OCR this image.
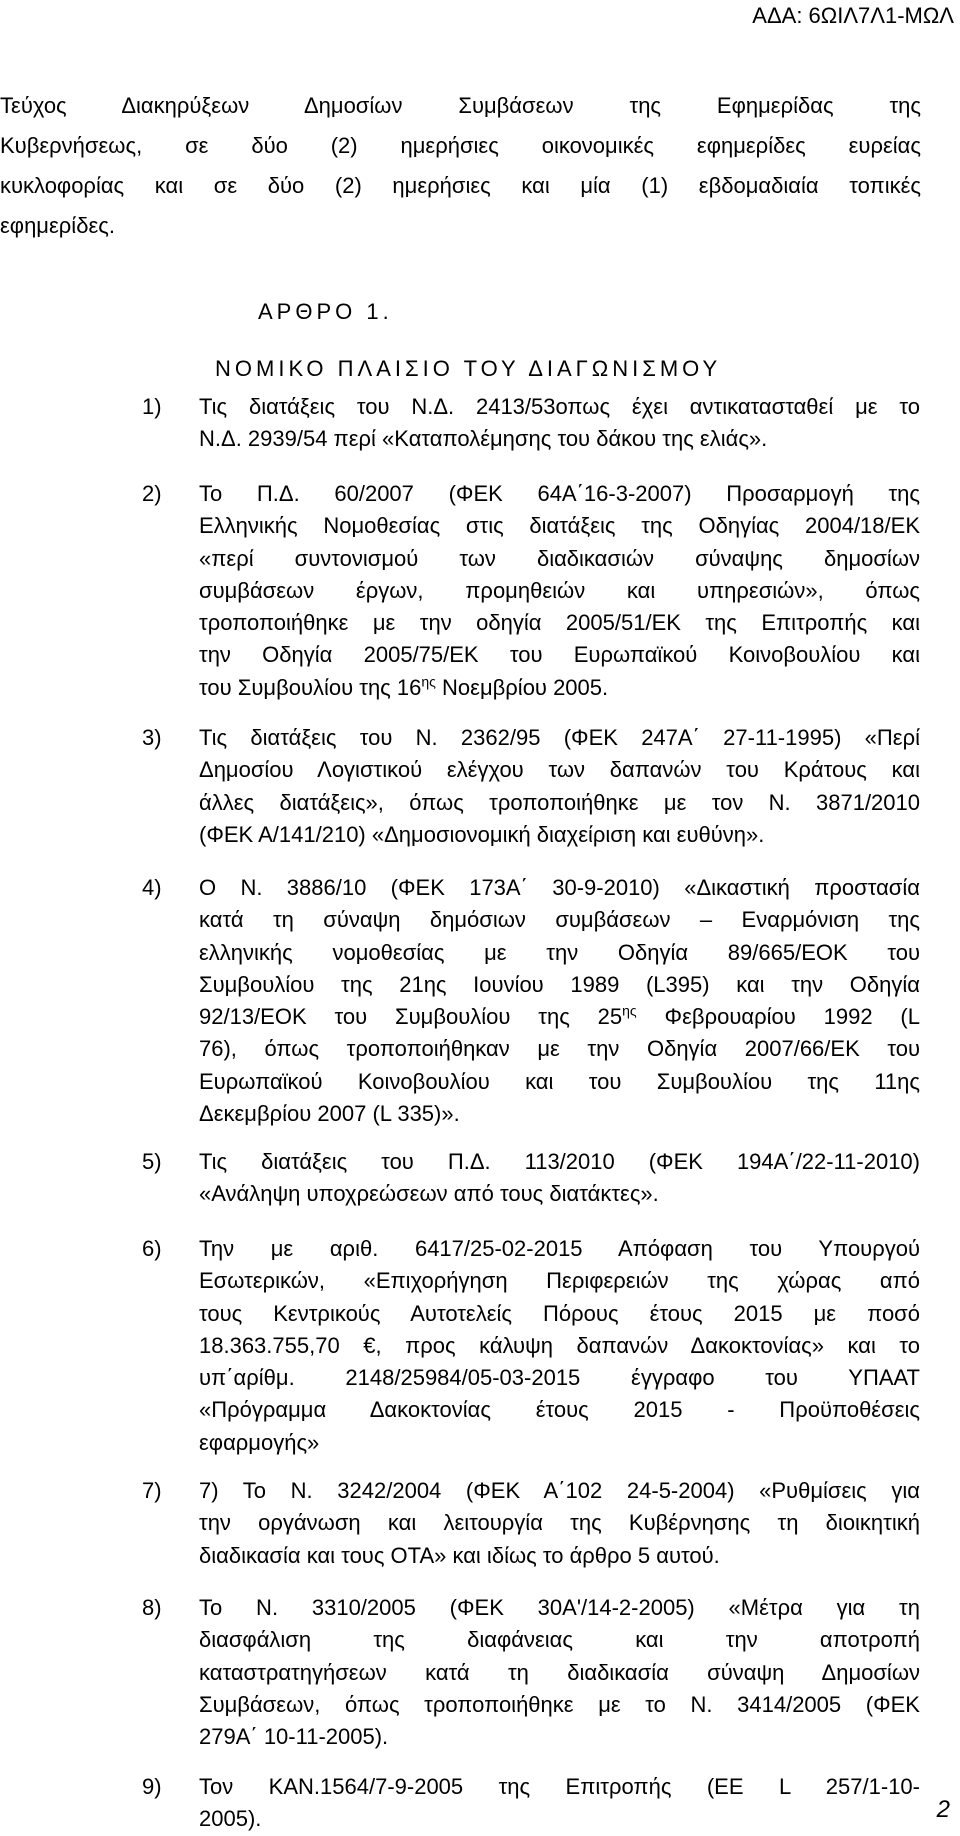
ΑΔΑ: 6ΩΙΛ7Λ1-ΜΩΛ
Τεύχος Διακηρύξεων Δημοσίων Συμβάσεων της Εφημερίδας της
Κυβερνήσεως, σε δύο (2) ημερήσιες οικονομικές εφημερίδες ευρείας
κυκλοφορίας και σε δύο (2) ημερήσιες και μία (1) εβδομαδιαία τοπικές
εφημερίδες.
ΑΡΘΡΟ 1.
ΝΟΜΙΚΟ ΠΛΑΙΣΙΟ ΤΟΥ ΔΙΑΓΩΝΙΣΜΟΥ
1) Τις διατάξεις του Ν.Δ. 2413/53οπως έχει αντικατασταθεί με το
Ν.Δ. 2939/54 περί «Καταπολέμησης του δάκου της ελιάς».
2) Το Π.Δ. 60/2007 (ΦΕΚ 64Α΄16-3-2007) Προσαρμογή της
Ελληνικής Νομοθεσίας στις διατάξεις της Οδηγίας 2004/18/ΕΚ
«περί συντονισμού των διαδικασιών σύναψης δημοσίων
συμβάσεων έργων, προμηθειών και υπηρεσιών», όπως
τροποποιήθηκε με την οδηγία 2005/51/ΕΚ της Επιτροπής και
την Οδηγία 2005/75/ΕΚ του Ευρωπαϊκού Κοινοβουλίου και
του Συμβουλίου της $16^{\eta\varsigma}$ Νοεμβρίου 2005.
3) Τις διατάξεις του Ν. 2362/95 (ΦΕΚ 247Α΄ 27-11-1995) «Περί
Δημοσίου Λογιστικού ελέγχου των δαπανών του Κράτους και
άλλες διατάξεις», όπως τροποποιήθηκε με τον Ν. 3871/2010
(ΦΕΚ Α/141/210) «Δημοσιονομική διαχείριση και ευθύνη».
4) Ο Ν. 3886/10 (ΦΕΚ 173Α΄ 30-9-2010) «Δικαστική προστασία
κατά τη σύναψη δημόσιων συμβάσεων – Εναρμόνιση της
ελληνικής νομοθεσίας με την Οδηγία 89/665/ΕΟΚ του
Συμβουλίου της 21ης Ιουνίου 1989 (L395) και την Οδηγία
92/13/ΕΟΚ του Συμβουλίου της $25^{\eta\varsigma}$ Φεβρουαρίου 1992 (L
76), όπως τροποποιήθηκαν με την Οδηγία 2007/66/ΕΚ του
Ευρωπαϊκού Κοινοβουλίου και του Συμβουλίου της 11ης
Δεκεμβρίου 2007 (L 335)».
5) Τις διατάξεις του Π.Δ. 113/2010 (ΦΕΚ 194Α΄/22-11-2010)
«Ανάληψη υποχρεώσεων από τους διατάκτες».
6) Την με αριθ. 6417/25-02-2015 Απόφαση του Υπουργού
Εσωτερικών, «Επιχορήγηση Περιφερειών της χώρας από
τους Κεντρικούς Αυτοτελείς Πόρους έτους 2015 με ποσό
18.363.755,70 €, προς κάλυψη δαπανών Δακοκτονίας» και το
υπ΄αρίθμ. 2148/25984/05-03-2015 έγγραφο του ΥΠΑΑΤ
«Πρόγραμμα Δακοκτονίας έτους 2015 - Προϋποθέσεις
εφαρμογής»
7) 7) Το Ν. 3242/2004 (ΦΕΚ Α΄102 24-5-2004) «Ρυθμίσεις για
την οργάνωση και λειτουργία της Κυβέρνησης τη διοικητική
διαδικασία και τους ΟΤΑ» και ιδίως το άρθρο 5 αυτού.
8) Το Ν. 3310/2005 (ΦΕΚ 30Α'/14-2-2005) «Μέτρα για τη
διασφάλιση της διαφάνειας και την αποτροπή
καταστρατηγήσεων κατά τη διαδικασία σύναψη Δημοσίων
Συμβάσεων, όπως τροποποιήθηκε με το Ν. 3414/2005 (ΦΕΚ
279Α΄ 10-11-2005).
9) Τον ΚΑΝ.1564/7-9-2005 της Επιτροπής (ΕΕ L 257/1-10-
2005).	2
